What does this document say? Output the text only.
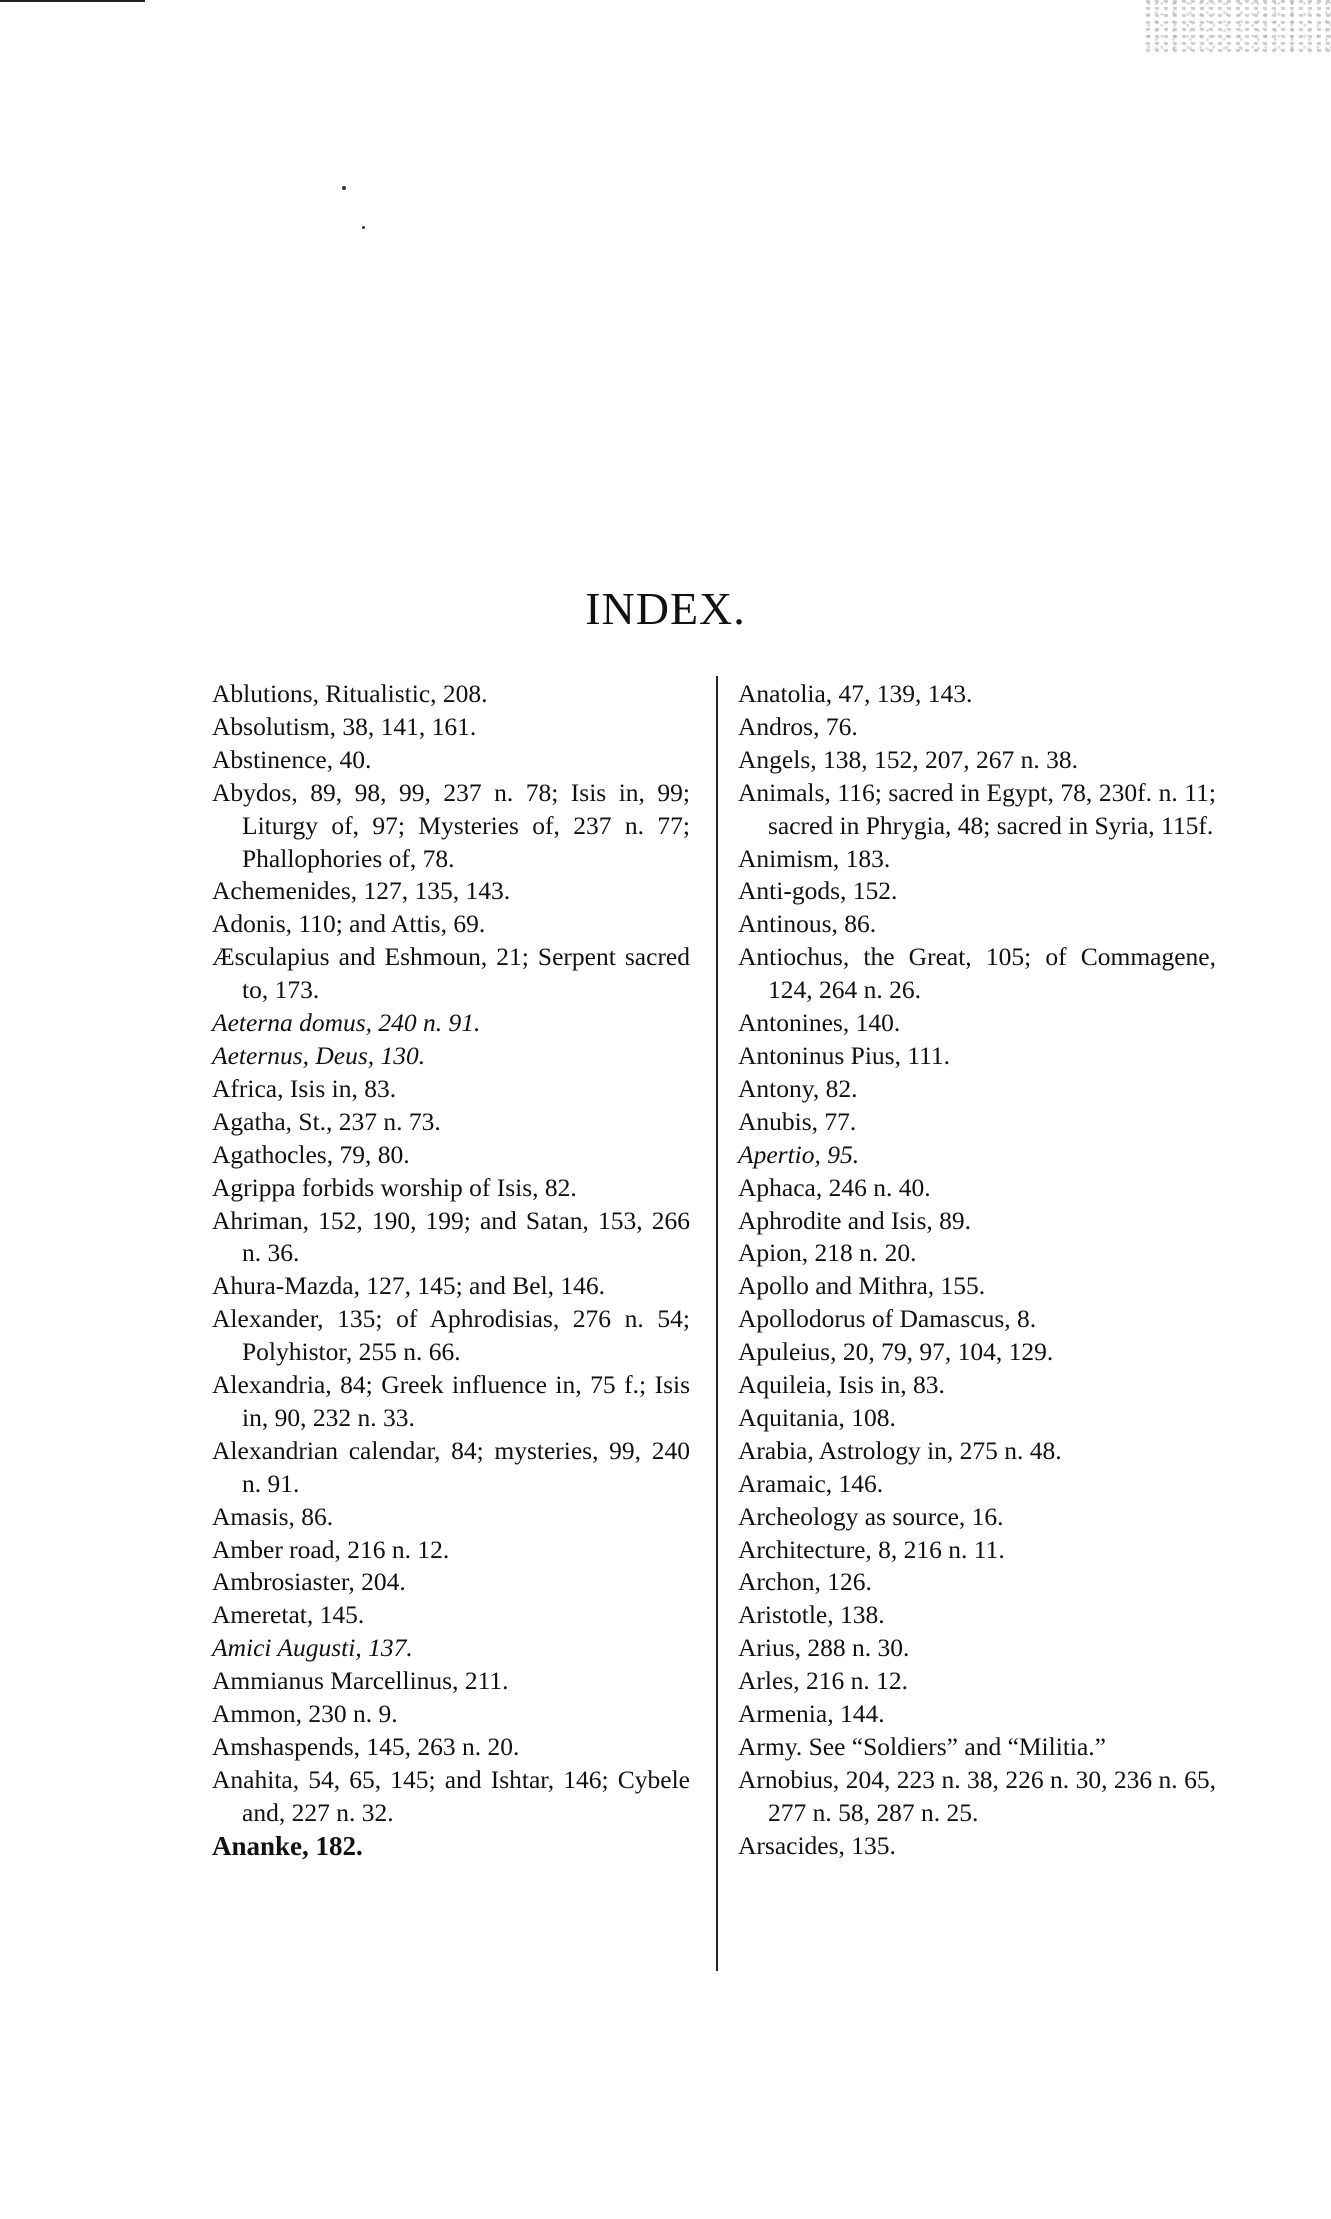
INDEX.
Ablutions, Ritualistic, 208.
Absolutism, 38, 141, 161.
Abstinence, 40.
Abydos, 89, 98, 99, 237 n. 78; Isis in, 99; Liturgy of, 97; Mysteries of, 237 n. 77; Phallophories of, 78.
Achemenides, 127, 135, 143.
Adonis, 110; and Attis, 69.
Æsculapius and Eshmoun, 21; Serpent sacred to, 173.
Aeterna domus, 240 n. 91.
Aeternus, Deus, 130.
Africa, Isis in, 83.
Agatha, St., 237 n. 73.
Agathocles, 79, 80.
Agrippa forbids worship of Isis, 82.
Ahriman, 152, 190, 199; and Satan, 153, 266 n. 36.
Ahura-Mazda, 127, 145; and Bel, 146.
Alexander, 135; of Aphrodisias, 276 n. 54; Polyhistor, 255 n. 66.
Alexandria, 84; Greek influence in, 75 f.; Isis in, 90, 232 n. 33.
Alexandrian calendar, 84; mysteries, 99, 240 n. 91.
Amasis, 86.
Amber road, 216 n. 12.
Ambrosiaster, 204.
Ameretat, 145.
Amici Augusti, 137.
Ammianus Marcellinus, 211.
Ammon, 230 n. 9.
Amshaspends, 145, 263 n. 20.
Anahita, 54, 65, 145; and Ishtar, 146; Cybele and, 227 n. 32.
Ananke, 182.
Anatolia, 47, 139, 143.
Andros, 76.
Angels, 138, 152, 207, 267 n. 38.
Animals, 116; sacred in Egypt, 78, 230f. n. 11; sacred in Phrygia, 48; sacred in Syria, 115f.
Animism, 183.
Anti-gods, 152.
Antinous, 86.
Antiochus, the Great, 105; of Commagene, 124, 264 n. 26.
Antonines, 140.
Antoninus Pius, 111.
Antony, 82.
Anubis, 77.
Apertio, 95.
Aphaca, 246 n. 40.
Aphrodite and Isis, 89.
Apion, 218 n. 20.
Apollo and Mithra, 155.
Apollodorus of Damascus, 8.
Apuleius, 20, 79, 97, 104, 129.
Aquileia, Isis in, 83.
Aquitania, 108.
Arabia, Astrology in, 275 n. 48.
Aramaic, 146.
Archeology as source, 16.
Architecture, 8, 216 n. 11.
Archon, 126.
Aristotle, 138.
Arius, 288 n. 30.
Arles, 216 n. 12.
Armenia, 144.
Army. See “Soldiers” and “Militia.”
Arnobius, 204, 223 n. 38, 226 n. 30, 236 n. 65, 277 n. 58, 287 n. 25.
Arsacides, 135.
